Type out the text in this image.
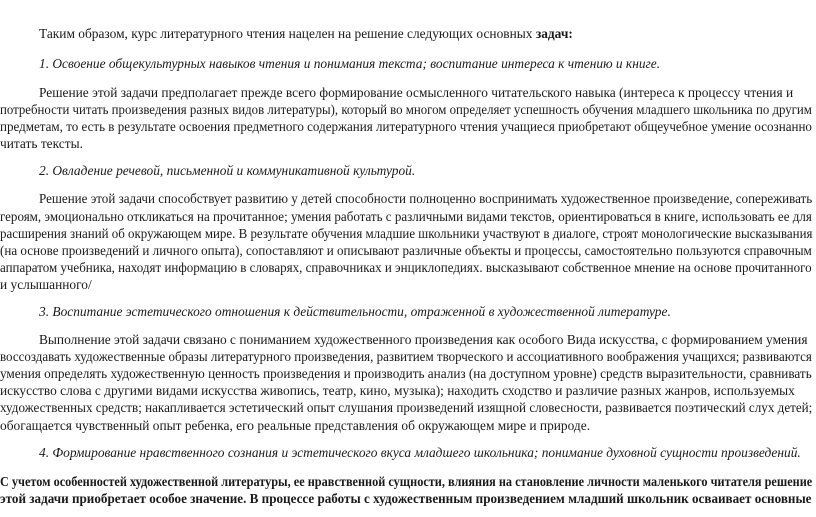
Таким образом, курс литературного чтения нацелен на решение следующих основных задач:
1. Освоение общекультурных навыков чтения и понимания текста; воспитание интереса к чтению и книге.
Решение этой задачи предполагает прежде всего формирование осмысленного читательского навыка (интереса к процессу чтения и
потребности читать произведения разных видов литературы), который во многом определяет успешность обучения младшего школьника по другим
предметам, то есть в результате освоения предметного содержания литературного чтения учащиеся приобретают общеучебное умение осознанно
читать тексты.
2. Овладение речевой, письменной и коммуникативной культурой.
Решение этой задачи способствует развитию у детей способности полноценно воспринимать художественное произведение, сопереживать
героям, эмоционально откликаться на прочитанное; умения работать с различными видами текстов, ориентироваться в книге, использовать ее для
расширения знаний об окружающем мире. В результате обучения младшие школьники участвуют в диалоге, строят монологические высказывания
(на основе произведений и личного опыта), сопоставляют и описывают различные объекты и процессы, самостоятельно пользуются справочным
аппаратом учебника, находят информацию в словарях, справочниках и энциклопедиях. высказывают собственное мнение на основе прочитанного
и услышанного/
3. Воспитание эстетического отношения к действительности, отраженной в художественной литературе.
Выполнение этой задачи связано с пониманием художественного произведения как особого Вида искусства, с формированием умения
воссоздавать художественные образы литературного произведения, развитием творческого и ассоциативного воображения учащихся; развиваются
умения определять художественную ценность произведения и производить анализ (на доступном уровне) средств выразительности, сравнивать
искусство слова с другими видами искусства живопись, театр, кино, музыка); находить сходство и различие разных жанров, используемых
художественных средств; накапливается эстетический опыт слушания произведений изящной словесности, развивается поэтический слух детей;
обогащается чувственный опыт ребенка, его реальные представления об окружающем мире и природе.
4. Формирование нравственного сознания и эстетического вкуса младшего школьника; понимание духовной сущности произведений.
С учетом особенностей художественной литературы, ее нравственной сущности, влияния на становление личности маленького читателя решение
этой задачи приобретает особое значение. В процессе работы с художественным произведением младший школьник осваивает основные
